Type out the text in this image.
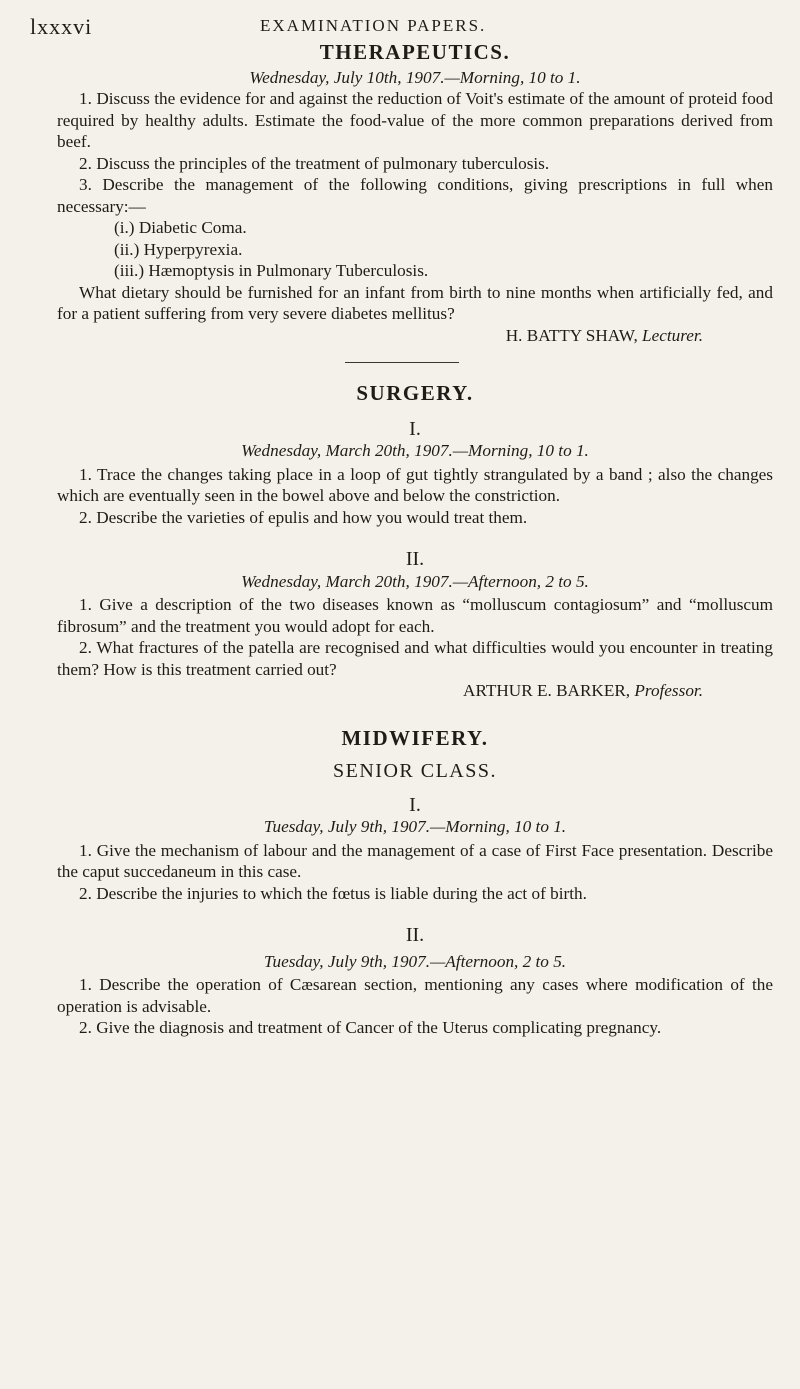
lxxxvi	EXAMINATION PAPERS.
THERAPEUTICS.

Wednesday, July 10th, 1907.—Morning, 10 to 1.

1. Discuss the evidence for and against the reduction of Voit's estimate of the amount of proteid food required by healthy adults. Estimate the food-value of the more common preparations derived from beef.

2. Discuss the principles of the treatment of pulmonary tuberculosis.

3. Describe the management of the following conditions, giving prescriptions in full when necessary:—

(i.) Diabetic Coma.

(ii.) Hyperpyrexia.

(iii.) Hæmoptysis in Pulmonary Tuberculosis.

What dietary should be furnished for an infant from birth to nine months when artificially fed, and for a patient suffering from very severe diabetes mellitus?

H. BATTY SHAW, Lecturer.

SURGERY.

I.

Wednesday, March 20th, 1907.—Morning, 10 to 1.

1. Trace the changes taking place in a loop of gut tightly strangulated by a band ; also the changes which are eventually seen in the bowel above and below the constriction.

2. Describe the varieties of epulis and how you would treat them.

II.

Wednesday, March 20th, 1907.—Afternoon, 2 to 5.

1. Give a description of the two diseases known as “molluscum contagiosum” and “molluscum fibrosum” and the treatment you would adopt for each.

2. What fractures of the patella are recognised and what difficulties would you encounter in treating them? How is this treatment carried out?

ARTHUR E. BARKER, Professor.

MIDWIFERY.

SENIOR CLASS.

I.

Tuesday, July 9th, 1907.—Morning, 10 to 1.

1. Give the mechanism of labour and the management of a case of First Face presentation. Describe the caput succedaneum in this case.

2. Describe the injuries to which the fœtus is liable during the act of birth.

II.

Tuesday, July 9th, 1907.—Afternoon, 2 to 5.

1. Describe the operation of Cæsarean section, mentioning any cases where modification of the operation is advisable.

2. Give the diagnosis and treatment of Cancer of the Uterus complicating pregnancy.
